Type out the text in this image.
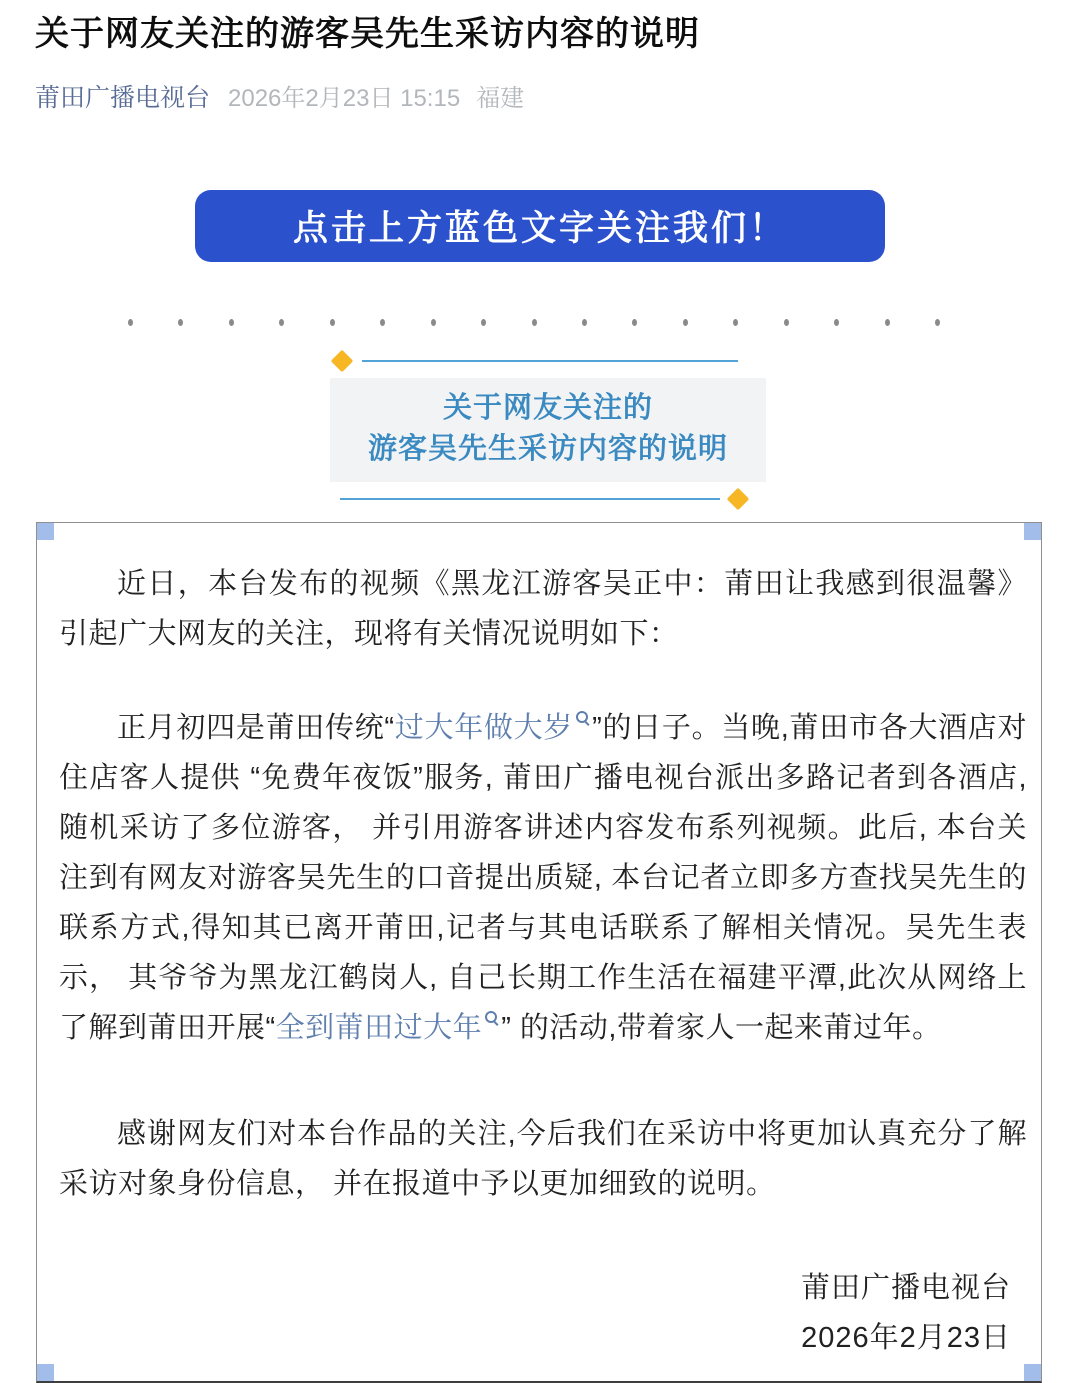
关于网友关注的游客吴先生采访内容的说明
莆田广播电视台 2026年2月23日 15:15 福建
点击上方蓝色文字关注我们！
关于网友关注的
游客吴先生采访内容的说明

近日，本台发布的视频《黑龙江游客吴正中：莆田让我感到很温馨》引起广大网友的关注，现将有关情况说明如下：

正月初四是莆田传统“过大年做大岁 ”的日子。当晚,莆田市各大酒店对住店客人提供 “免费年夜饭”服务, 莆田广播电视台派出多路记者到各酒店,随机采访了多位游客， 并引用游客讲述内容发布系列视频。此后, 本台关注到有网友对游客吴先生的口音提出质疑, 本台记者立即多方查找吴先生的联系方式,得知其已离开莆田,记者与其电话联系了解相关情况。吴先生表示， 其爷爷为黑龙江鹤岗人, 自己长期工作生活在福建平潭,此次从网络上了解到莆田开展“全到莆田过大年 ” 的活动,带着家人一起来莆过年。

感谢网友们对本台作品的关注,今后我们在采访中将更加认真充分了解采访对象身份信息， 并在报道中予以更加细致的说明。

莆田广播电视台
2026年2月23日
